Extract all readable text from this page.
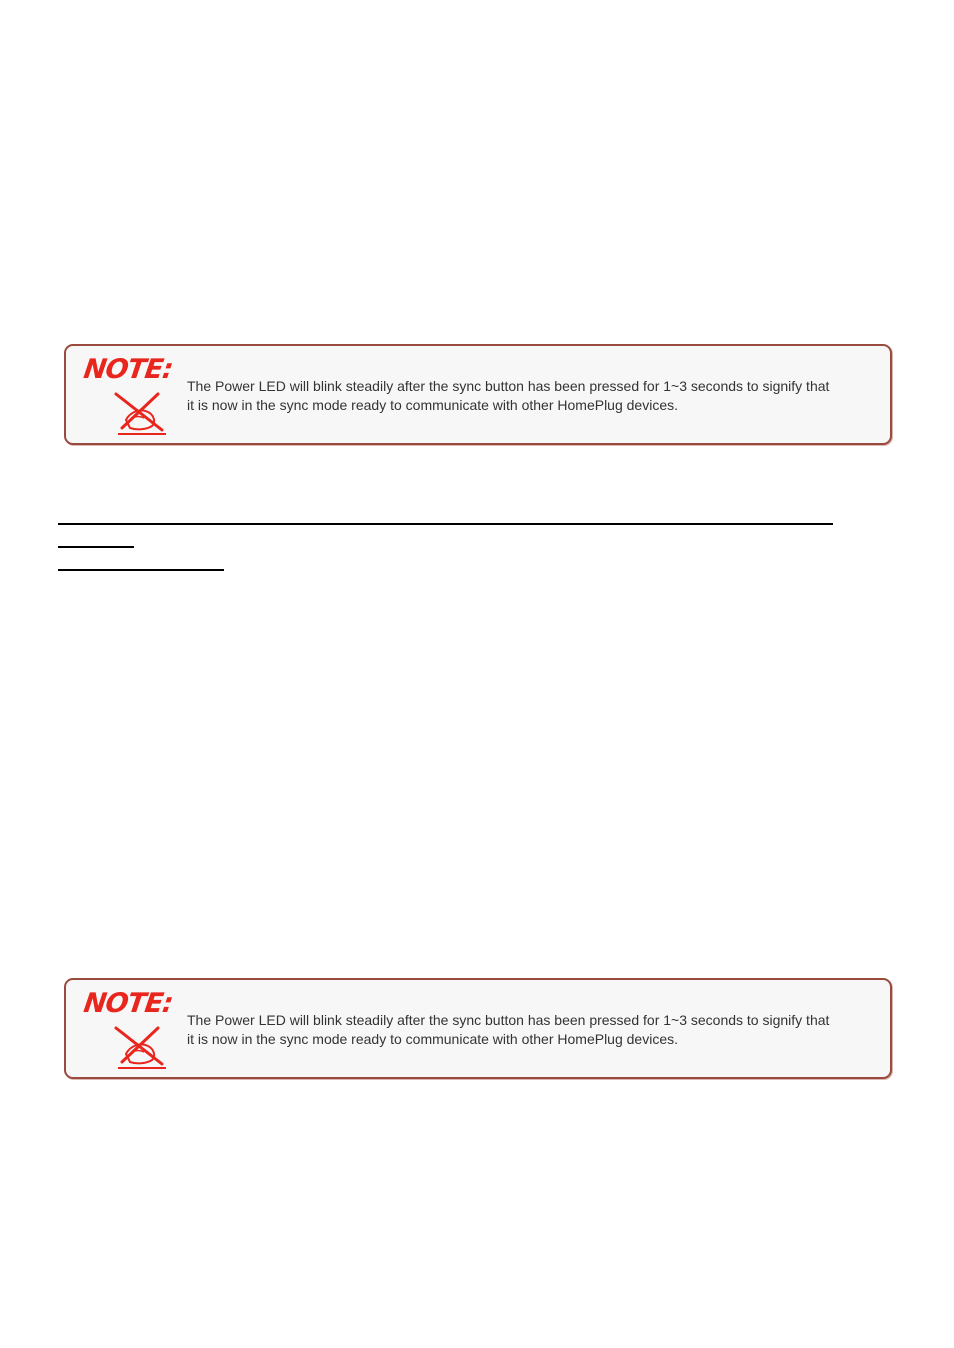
NOTE:
The Power LED will blink steadily after the sync button has been pressed for 1~3 seconds to signify that
it is now in the sync mode ready to communicate with other HomePlug devices.
NOTE:
The Power LED will blink steadily after the sync button has been pressed for 1~3 seconds to signify that
it is now in the sync mode ready to communicate with other HomePlug devices.
